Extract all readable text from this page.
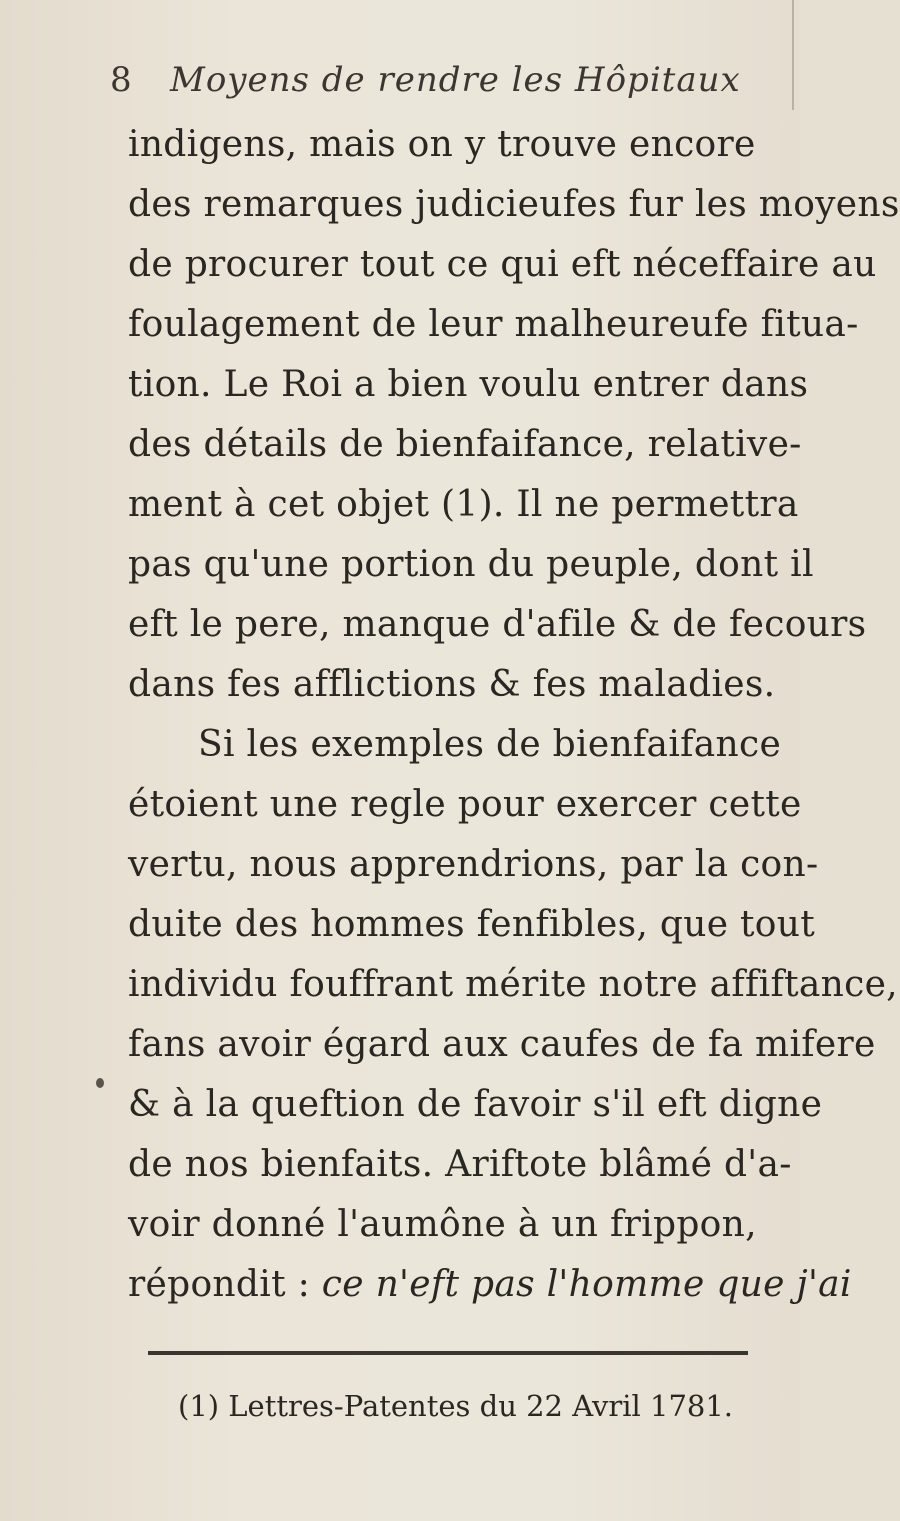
8 Moyens de rendre les Hôpitaux
indigens, mais on y trouve encore
des remarques judicieufes fur les moyens
de procurer tout ce qui eft néceffaire au
foulagement de leur malheureufe fitua-
tion. Le Roi a bien voulu entrer dans
des détails de bienfaifance, relative-
ment à cet objet (1). Il ne permettra
pas qu'une portion du peuple, dont il
eft le pere, manque d'afile & de fecours
dans fes afflictions & fes maladies.
Si les exemples de bienfaifance
étoient une regle pour exercer cette
vertu, nous apprendrions, par la con-
duite des hommes fenfibles, que tout
individu fouffrant mérite notre affiftance,
fans avoir égard aux caufes de fa mifere
& à la queftion de favoir s'il eft digne
de nos bienfaits. Ariftote blâmé d'a-
voir donné l'aumône à un frippon,
répondit : ce n'eft pas l'homme que j'ai
(1) Lettres-Patentes du 22 Avril 1781.
